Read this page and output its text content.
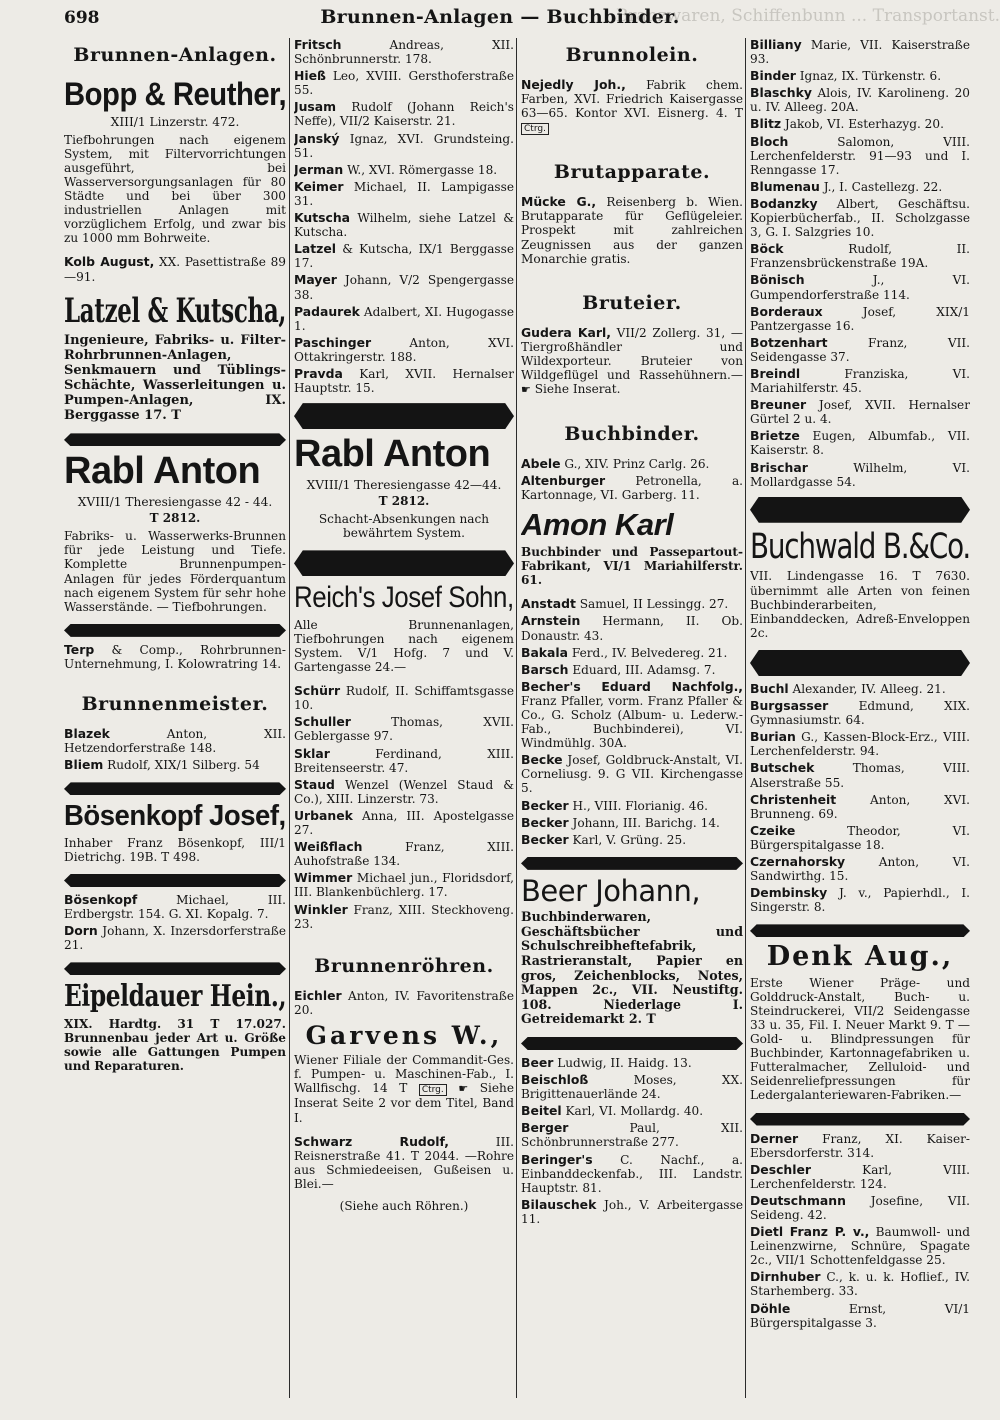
Branzwaren, Schiffenbunn ... Transportanst.
Brunnen-Anlagen — Buchbinder.
698
Brunnen-Anlagen.
Bopp & Reuther,
XIII/1 Linzerstr. 472.
Tiefbohrungen nach eigenem System, mit Filtervorrichtungen ausgeführt, bei Wasserversorgungsanlagen für 80 Städte und bei über 300 industriellen Anlagen mit vorzüglichem Erfolg, und zwar bis zu 1000 mm Bohrweite.

Kolb August, XX. Pasettistraße 89—91.

Latzel & Kutscha,
Ingenieure, Fabriks- u. Filter-Rohrbrunnen-Anlagen, Senkmauern und Tüblings-Schächte, Wasserleitungen u. Pumpen-Anlagen, IX. Berggasse 17. T
Rabl Anton
XVIII/1 Theresiengasse 42 - 44.
T 2812.
Fabriks- u. Wasserwerks-Brunnen für jede Leistung und Tiefe. Komplette Brunnenpumpen-Anlagen für jedes Förderquantum nach eigenem System für sehr hohe Wasserstände. — Tiefbohrungen.

Terp & Comp., Rohrbrunnen-Unternehmung, I. Kolowratring 14.

Brunnenmeister.

Blazek Anton, XII. Hetzendorferstraße 148.

Bliem Rudolf, XIX/1 Silberg. 54

Bösenkopf Josef,
Inhaber Franz Bösenkopf, III/1 Dietrichg. 19B. T 498.

Bösenkopf Michael, III. Erdbergstr. 154. G. XI. Kopalg. 7.

Dorn Johann, X. Inzersdorferstraße 21.

Eipeldauer Hein.,
XIX. Hardtg. 31 T 17.027. Brunnenbau jeder Art u. Größe sowie alle Gattungen Pumpen und Reparaturen.

Fritsch Andreas, XII. Schönbrunnerstr. 178.

Hieß Leo, XVIII. Gersthoferstraße 55.

Jusam Rudolf (Johann Reich's Neffe), VII/2 Kaiserstr. 21.

Janský Ignaz, XVI. Grundsteing. 51.

Jerman W., XVI. Römergasse 18.

Keimer Michael, II. Lampigasse 31.

Kutscha Wilhelm, siehe Latzel & Kutscha.

Latzel & Kutscha, IX/1 Berggasse 17.

Mayer Johann, V/2 Spengergasse 38.

Padaurek Adalbert, XI. Hugogasse 1.

Paschinger Anton, XVI. Ottakringerstr. 188.

Pravda Karl, XVII. Hernalser Hauptstr. 15.

Rabl Anton
XVIII/1 Theresiengasse 42—44.
T 2812.
Schacht-Absenkungen nach bewährtem System.
Reich's Josef Sohn,
Alle Brunnenanlagen, Tiefbohrungen nach eigenem System. V/1 Hofg. 7 und V. Gartengasse 24.—

Schürr Rudolf, II. Schiffamtsgasse 10.

Schuller Thomas, XVII. Geblergasse 97.

Sklar Ferdinand, XIII. Breitenseerstr. 47.

Staud Wenzel (Wenzel Staud & Co.), XIII. Linzerstr. 73.

Urbanek Anna, III. Apostelgasse 27.

Weißflach Franz, XIII. Auhofstraße 134.

Wimmer Michael jun., Floridsdorf, III. Blankenbüchlerg. 17.

Winkler Franz, XIII. Steckhoveng. 23.

Brunnenröhren.

Eichler Anton, IV. Favoritenstraße 20.

Garvens W.,
Wiener Filiale der Commandit-Ges. f. Pumpen- u. Maschinen-Fab., I. Wallfischg. 14 T Ctrg. ☛ Siehe Inserat Seite 2 vor dem Titel, Band I.

Schwarz Rudolf, III. Reisnerstraße 41. T 2044. —Rohre aus Schmiedeeisen, Gußeisen u. Blei.—

(Siehe auch Röhren.)
Brunnolein.

Nejedly Joh., Fabrik chem. Farben, XVI. Friedrich Kaisergasse 63—65. Kontor XVI. Eisnerg. 4. T Ctrg.

Brutapparate.

Mücke G., Reisenberg b. Wien. Brutapparate für Geflügeleier. Prospekt mit zahlreichen Zeugnissen aus der ganzen Monarchie gratis.

Bruteier.

Gudera Karl, VII/2 Zollerg. 31, —Tiergroßhändler und Wildexporteur. Bruteier von Wildgeflügel und Rassehühnern.— ☛ Siehe Inserat.

Buchbinder.

Abele G., XIV. Prinz Carlg. 26.

Altenburger Petronella, a. Kartonnage, VI. Garberg. 11.

Amon Karl
Buchbinder und Passepartout-Fabrikant, VI/1 Mariahilferstr. 61.

Anstadt Samuel, II Lessingg. 27.

Arnstein Hermann, II. Ob. Donaustr. 43.

Bakala Ferd., IV. Belvedereg. 21.

Barsch Eduard, III. Adamsg. 7.

Becher's Eduard Nachfolg., Franz Pfaller, vorm. Franz Pfaller & Co., G. Scholz (Album- u. Lederw.-Fab., Buchbinderei), VI. Windmühlg. 30A.

Becke Josef, Goldbruck-Anstalt, VI. Corneliusg. 9. G VII. Kirchengasse 5.

Becker H., VIII. Florianig. 46.

Becker Johann, III. Barichg. 14.

Becker Karl, V. Grüng. 25.

Beer Johann,
Buchbinderwaren, Geschäftsbücher und Schulschreibheftefabrik, Rastrieranstalt, Papier en gros, Zeichenblocks, Notes, Mappen 2c., VII. Neustiftg. 108. Niederlage I. Getreidemarkt 2. T

Beer Ludwig, II. Haidg. 13.

Beischloß Moses, XX. Brigittenauerlände 24.

Beitel Karl, VI. Mollardg. 40.

Berger Paul, XII. Schönbrunnerstraße 277.

Beringer's C. Nachf., a. Einbanddeckenfab., III. Landstr. Hauptstr. 81.

Bilauschek Joh., V. Arbeitergasse 11.

Billiany Marie, VII. Kaiserstraße 93.

Binder Ignaz, IX. Türkenstr. 6.

Blaschky Alois, IV. Karolineng. 20 u. IV. Alleeg. 20A.

Blitz Jakob, VI. Esterhazyg. 20.

Bloch Salomon, VIII. Lerchenfelderstr. 91—93 und I. Renngasse 17.

Blumenau J., I. Castellezg. 22.

Bodanzky Albert, Geschäftsu. Kopierbücherfab., II. Scholzgasse 3, G. I. Salzgries 10.

Böck Rudolf, II. Franzensbrückenstraße 19A.

Bönisch J., VI. Gumpendorferstraße 114.

Borderaux Josef, XIX/1 Pantzergasse 16.

Botzenhart Franz, VII. Seidengasse 37.

Breindl Franziska, VI. Mariahilferstr. 45.

Breuner Josef, XVII. Hernalser Gürtel 2 u. 4.

Brietze Eugen, Albumfab., VII. Kaiserstr. 8.

Brischar Wilhelm, VI. Mollardgasse 54.

Buchwald B.&Co.
VII. Lindengasse 16. T 7630. übernimmt alle Arten von feinen Buchbinderarbeiten, Einbanddecken, Adreß-Enveloppen 2c.

Buchl Alexander, IV. Alleeg. 21.

Burgsasser Edmund, XIX. Gymnasiumstr. 64.

Burian G., Kassen-Block-Erz., VIII. Lerchenfelderstr. 94.

Butschek Thomas, VIII. Alserstraße 55.

Christenheit Anton, XVI. Brunneng. 69.

Czeike Theodor, VI. Bürgerspitalgasse 18.

Czernahorsky Anton, VI. Sandwirthg. 15.

Dembinsky J. v., Papierhdl., I. Singerstr. 8.

Denk Aug.,
Erste Wiener Präge- und Golddruck-Anstalt, Buch- u. Steindruckerei, VII/2 Seidengasse 33 u. 35, Fil. I. Neuer Markt 9. T —Gold- u. Blindpressungen für Buchbinder, Kartonnagefabriken u. Futteralmacher, Zelluloid- und Seidenreliefpressungen für Ledergalanteriewaren-Fabriken.—

Derner Franz, XI. Kaiser-Ebersdorferstr. 314.

Deschler Karl, VIII. Lerchenfelderstr. 124.

Deutschmann Josefine, VII. Seideng. 42.

Dietl Franz P. v., Baumwoll- und Leinenzwirne, Schnüre, Spagate 2c., VII/1 Schottenfeldgasse 25.

Dirnhuber C., k. u. k. Hoflief., IV. Starhemberg. 33.

Döhle Ernst, VI/1 Bürgerspitalgasse 3.
